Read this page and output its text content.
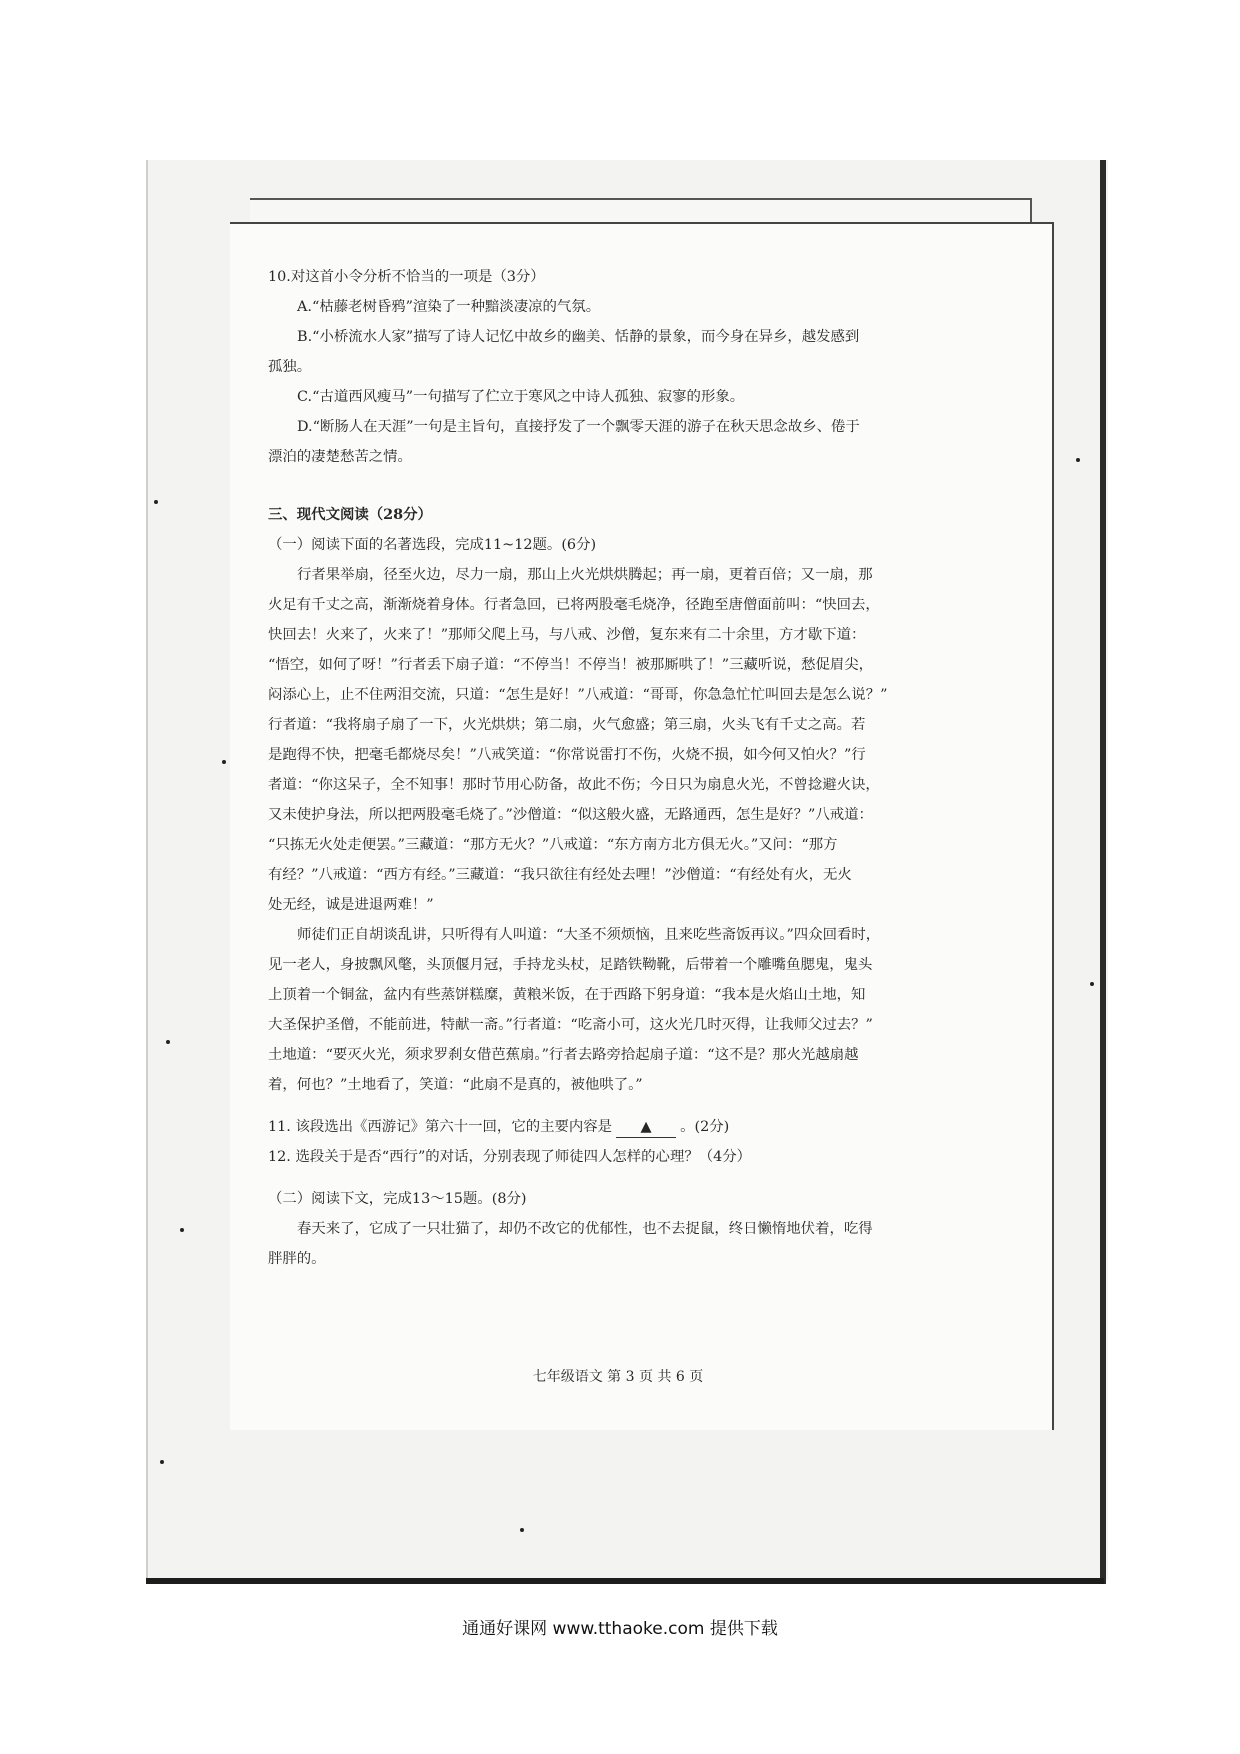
10.对这首小令分析不恰当的一项是（3分）
A.“枯藤老树昏鸦”渲染了一种黯淡凄凉的气氛。
B.“小桥流水人家”描写了诗人记忆中故乡的幽美、恬静的景象，而今身在异乡，越发感到
孤独。
C.“古道西风瘦马”一句描写了伫立于寒风之中诗人孤独、寂寥的形象。
D.“断肠人在天涯”一句是主旨句，直接抒发了一个飘零天涯的游子在秋天思念故乡、倦于
漂泊的凄楚愁苦之情。
三、现代文阅读（28分）
（一）阅读下面的名著选段，完成11~12题。(6分)
行者果举扇，径至火边，尽力一扇，那山上火光烘烘腾起；再一扇，更着百倍；又一扇，那
火足有千丈之高，渐渐烧着身体。行者急回，已将两股毫毛烧净，径跑至唐僧面前叫：“快回去，
快回去！火来了，火来了！”那师父爬上马，与八戒、沙僧，复东来有二十余里，方才歇下道：
“悟空，如何了呀！”行者丢下扇子道：“不停当！不停当！被那厮哄了！”三藏听说，愁促眉尖，
闷添心上，止不住两泪交流，只道：“怎生是好！”八戒道：“哥哥，你急急忙忙叫回去是怎么说？”
行者道：“我将扇子扇了一下，火光烘烘；第二扇，火气愈盛；第三扇，火头飞有千丈之高。若
是跑得不快，把毫毛都烧尽矣！”八戒笑道：“你常说雷打不伤，火烧不损，如今何又怕火？”行
者道：“你这呆子，全不知事！那时节用心防备，故此不伤；今日只为扇息火光，不曾捻避火诀，
又未使护身法，所以把两股毫毛烧了。”沙僧道：“似这般火盛，无路通西，怎生是好？”八戒道：
“只拣无火处走便罢。”三藏道：“那方无火？”八戒道：“东方南方北方俱无火。”又问：“那方
有经？”八戒道：“西方有经。”三藏道：“我只欲往有经处去哩！”沙僧道：“有经处有火，无火
处无经，诚是进退两难！”
师徒们正自胡谈乱讲，只听得有人叫道：“大圣不须烦恼，且来吃些斋饭再议。”四众回看时，
见一老人，身披飘风氅，头顶偃月冠，手持龙头杖，足踏铁靿靴，后带着一个雕嘴鱼腮鬼，鬼头
上顶着一个铜盆，盆内有些蒸饼糕糜，黄粮米饭，在于西路下躬身道：“我本是火焰山土地，知
大圣保护圣僧，不能前进，特献一斋。”行者道：“吃斋小可，这火光几时灭得，让我师父过去？”
土地道：“要灭火光，须求罗刹女借芭蕉扇。”行者去路旁拾起扇子道：“这不是？那火光越扇越
着，何也？”土地看了，笑道：“此扇不是真的，被他哄了。”
11. 该段选出《西游记》第六十一回，它的主要内容是 ▲ 。(2分)
12. 选段关于是否“西行”的对话，分别表现了师徒四人怎样的心理？（4分）
（二）阅读下文，完成13～15题。(8分)
春天来了，它成了一只壮猫了，却仍不改它的优郁性，也不去捉鼠，终日懒惰地伏着，吃得
胖胖的。
七年级语文 第 3 页 共 6 页
通通好课网 www.tthaoke.com 提供下载
